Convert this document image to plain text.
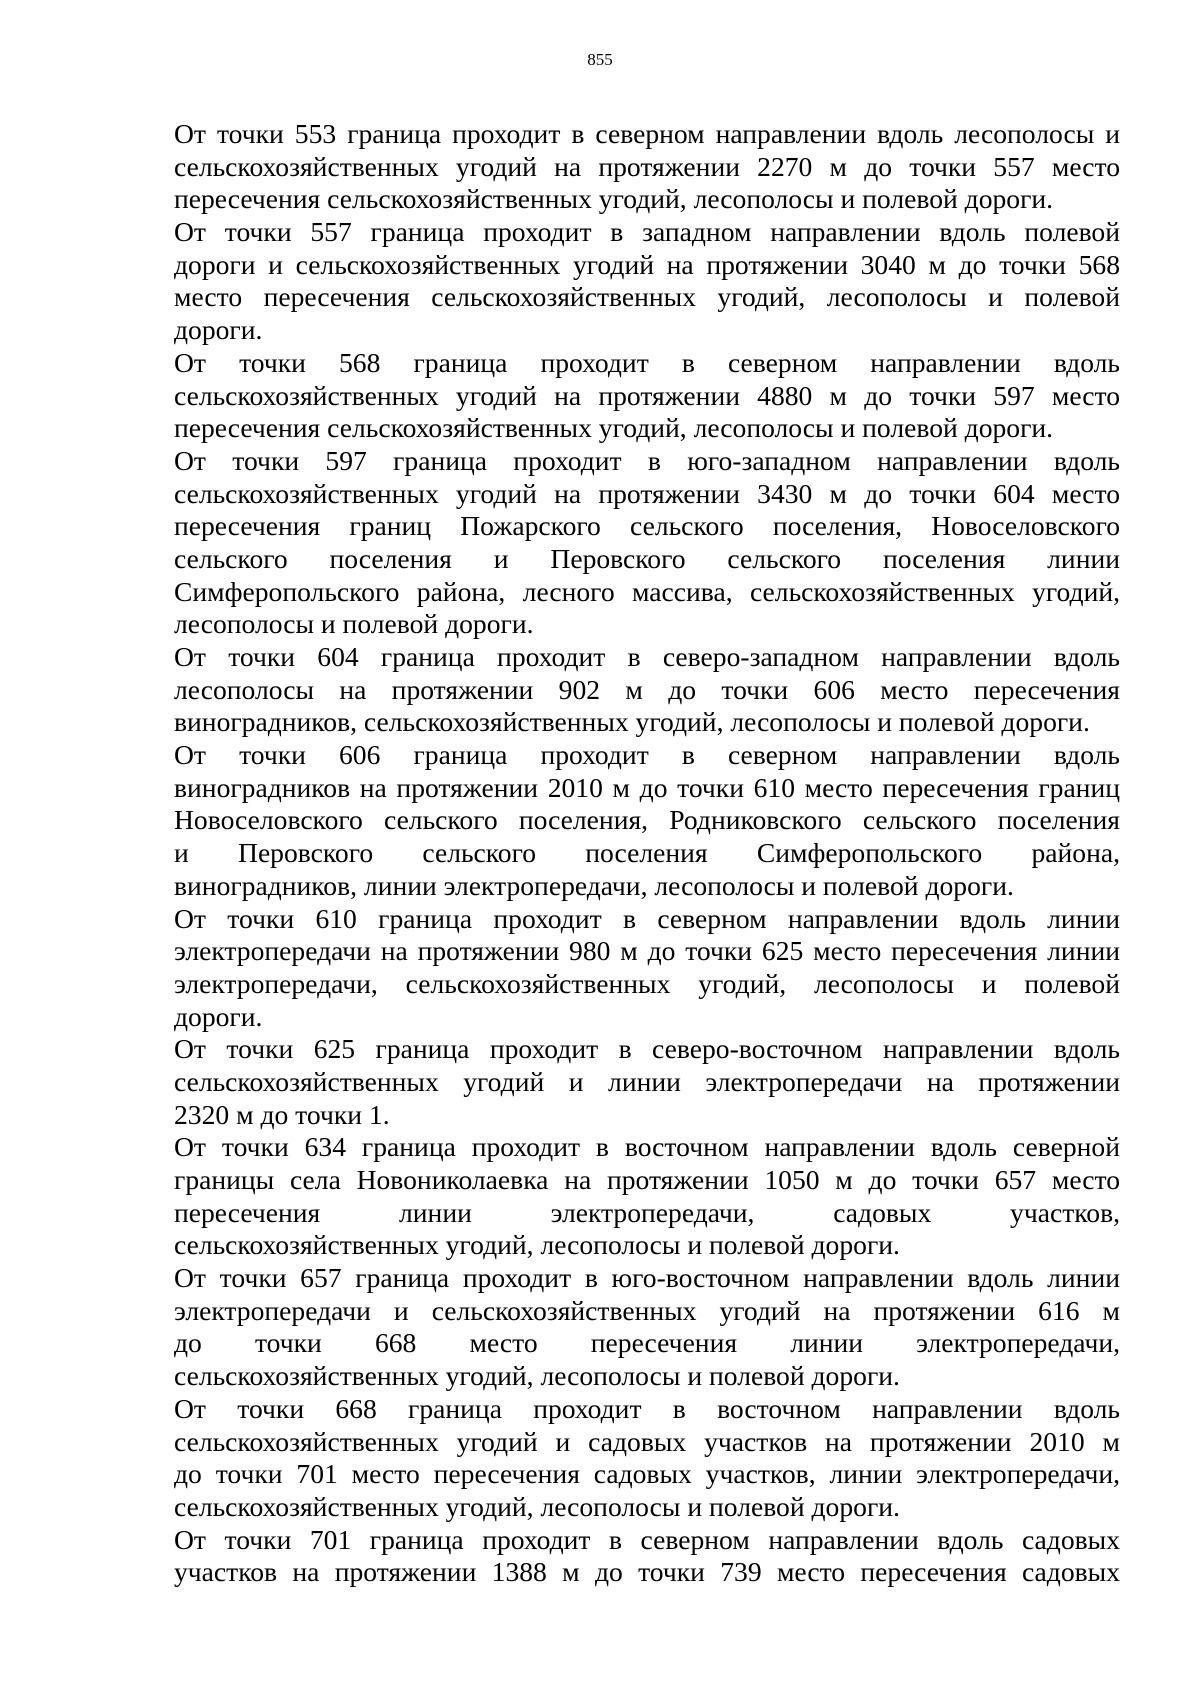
855
От точки 553 граница проходит в северном направлении вдоль лесополосы и
сельскохозяйственных угодий на протяжении 2270 м до точки 557 место
пересечения сельскохозяйственных угодий, лесополосы и полевой дороги.
От точки 557 граница проходит в западном направлении вдоль полевой
дороги и сельскохозяйственных угодий на протяжении 3040 м до точки 568
место пересечения сельскохозяйственных угодий, лесополосы и полевой
дороги.
От точки 568 граница проходит в северном направлении вдоль
сельскохозяйственных угодий на протяжении 4880 м до точки 597 место
пересечения сельскохозяйственных угодий, лесополосы и полевой дороги.
От точки 597 граница проходит в юго-западном направлении вдоль
сельскохозяйственных угодий на протяжении 3430 м до точки 604 место
пересечения границ Пожарского сельского поселения, Новоселовского
сельского поселения и Перовского сельского поселения линии
Симферопольского района, лесного массива, сельскохозяйственных угодий,
лесополосы и полевой дороги.
От точки 604 граница проходит в северо-западном направлении вдоль
лесополосы на протяжении 902 м до точки 606 место пересечения
виноградников, сельскохозяйственных угодий, лесополосы и полевой дороги.
От точки 606 граница проходит в северном направлении вдоль
виноградников на протяжении 2010 м до точки 610 место пересечения границ
Новоселовского сельского поселения, Родниковского сельского поселения
и Перовского сельского поселения Симферопольского района,
виноградников, линии электропередачи, лесополосы и полевой дороги.
От точки 610 граница проходит в северном направлении вдоль линии
электропередачи на протяжении 980 м до точки 625 место пересечения линии
электропередачи, сельскохозяйственных угодий, лесополосы и полевой
дороги.
От точки 625 граница проходит в северо-восточном направлении вдоль
сельскохозяйственных угодий и линии электропередачи на протяжении
2320 м до точки 1.
От точки 634 граница проходит в восточном направлении вдоль северной
границы села Новониколаевка на протяжении 1050 м до точки 657 место
пересечения линии электропередачи, садовых участков,
сельскохозяйственных угодий, лесополосы и полевой дороги.
От точки 657 граница проходит в юго-восточном направлении вдоль линии
электропередачи и сельскохозяйственных угодий на протяжении 616 м
до точки 668 место пересечения линии электропередачи,
сельскохозяйственных угодий, лесополосы и полевой дороги.
От точки 668 граница проходит в восточном направлении вдоль
сельскохозяйственных угодий и садовых участков на протяжении 2010 м
до точки 701 место пересечения садовых участков, линии электропередачи,
сельскохозяйственных угодий, лесополосы и полевой дороги.
От точки 701 граница проходит в северном направлении вдоль садовых
участков на протяжении 1388 м до точки 739 место пересечения садовых
